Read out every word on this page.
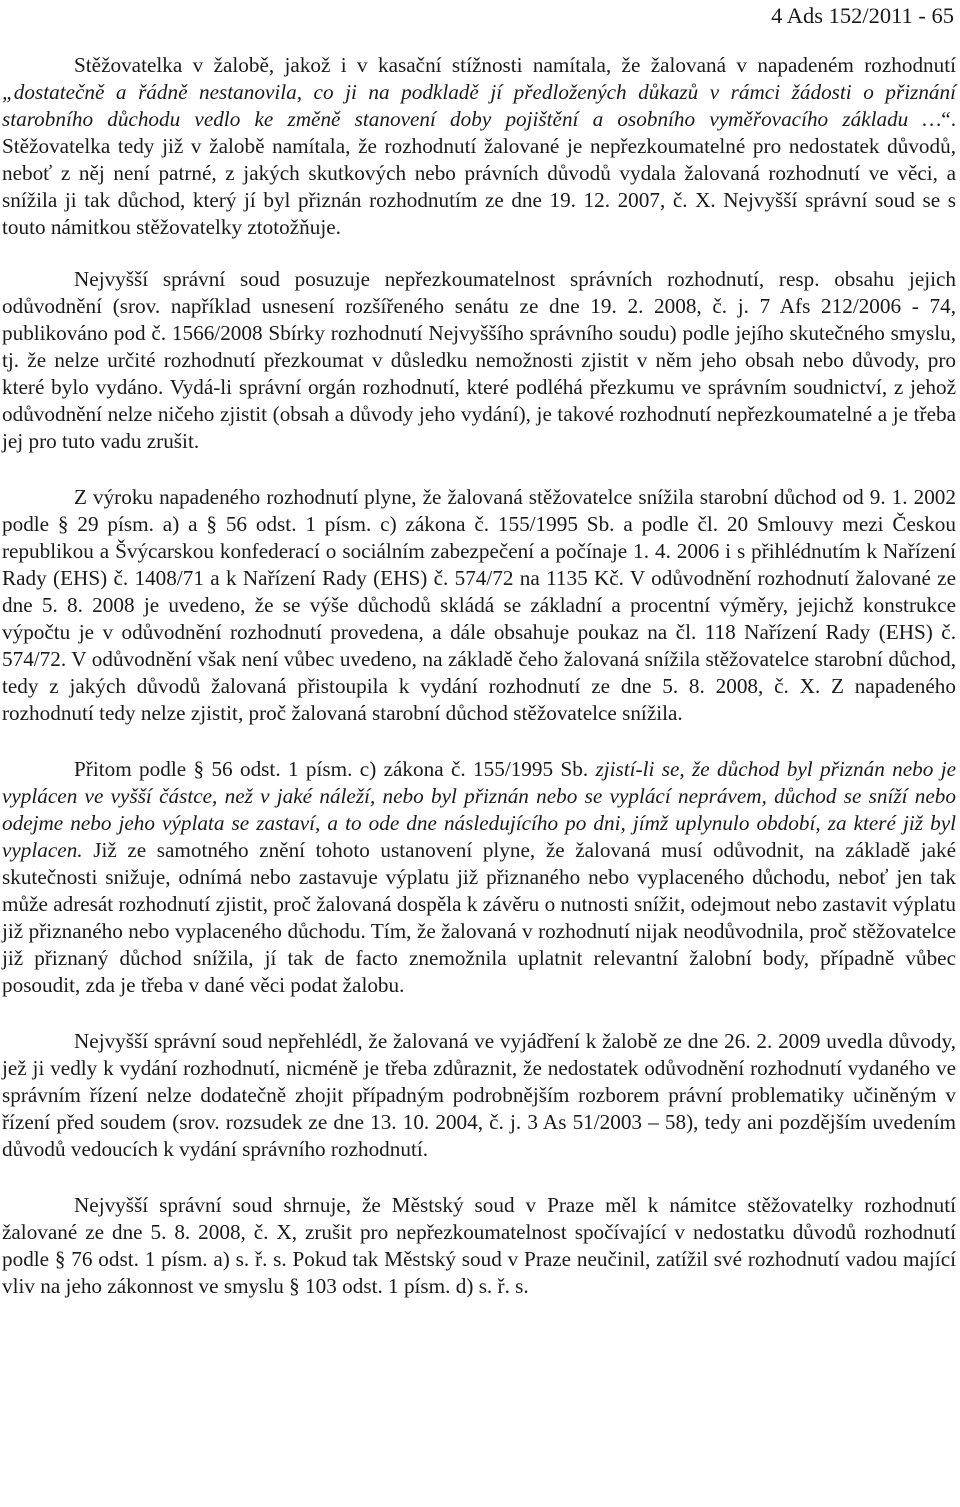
4 Ads 152/2011 - 65

Stěžovatelka v žalobě, jakož i v kasační stížnosti namítala, že žalovaná v napadeném rozhodnutí „dostatečně a řádně nestanovila, co ji na podkladě jí předložených důkazů v rámci žádosti o přiznání starobního důchodu vedlo ke změně stanovení doby pojištění a osobního vyměřovacího základu …“. Stěžovatelka tedy již v žalobě namítala, že rozhodnutí žalované je nepřezkoumatelné pro nedostatek důvodů, neboť z něj není patrné, z jakých skutkových nebo právních důvodů vydala žalovaná rozhodnutí ve věci, a snížila ji tak důchod, který jí byl přiznán rozhodnutím ze dne 19. 12. 2007, č. X. Nejvyšší správní soud se s touto námitkou stěžovatelky ztotožňuje.

Nejvyšší správní soud posuzuje nepřezkoumatelnost správních rozhodnutí, resp. obsahu jejich odůvodnění (srov. například usnesení rozšířeného senátu ze dne 19. 2. 2008, č. j. 7 Afs 212/2006 - 74, publikováno pod č. 1566/2008 Sbírky rozhodnutí Nejvyššího správního soudu) podle jejího skutečného smyslu, tj. že nelze určité rozhodnutí přezkoumat v důsledku nemožnosti zjistit v něm jeho obsah nebo důvody, pro které bylo vydáno. Vydá-li správní orgán rozhodnutí, které podléhá přezkumu ve správním soudnictví, z jehož odůvodnění nelze ničeho zjistit (obsah a důvody jeho vydání), je takové rozhodnutí nepřezkoumatelné a je třeba jej pro tuto vadu zrušit.

Z výroku napadeného rozhodnutí plyne, že žalovaná stěžovatelce snížila starobní důchod od 9. 1. 2002 podle § 29 písm. a) a § 56 odst. 1 písm. c) zákona č. 155/1995 Sb. a podle čl. 20 Smlouvy mezi Českou republikou a Švýcarskou konfederací o sociálním zabezpečení a počínaje 1. 4. 2006 i s přihlédnutím k Nařízení Rady (EHS) č. 1408/71 a k Nařízení Rady (EHS) č. 574/72 na 1135 Kč. V odůvodnění rozhodnutí žalované ze dne 5. 8. 2008 je uvedeno, že se výše důchodů skládá se základní a procentní výměry, jejichž konstrukce výpočtu je v odůvodnění rozhodnutí provedena, a dále obsahuje poukaz na čl. 118 Nařízení Rady (EHS) č. 574/72. V odůvodnění však není vůbec uvedeno, na základě čeho žalovaná snížila stěžovatelce starobní důchod, tedy z jakých důvodů žalovaná přistoupila k vydání rozhodnutí ze dne 5. 8. 2008, č. X. Z napadeného rozhodnutí tedy nelze zjistit, proč žalovaná starobní důchod stěžovatelce snížila.

Přitom podle § 56 odst. 1 písm. c) zákona č. 155/1995 Sb. zjistí-li se, že důchod byl přiznán nebo je vyplácen ve vyšší částce, než v jaké náleží, nebo byl přiznán nebo se vyplácí neprávem, důchod se sníží nebo odejme nebo jeho výplata se zastaví, a to ode dne následujícího po dni, jímž uplynulo období, za které již byl vyplacen. Již ze samotného znění tohoto ustanovení plyne, že žalovaná musí odůvodnit, na základě jaké skutečnosti snižuje, odnímá nebo zastavuje výplatu již přiznaného nebo vyplaceného důchodu, neboť jen tak může adresát rozhodnutí zjistit, proč žalovaná dospěla k závěru o nutnosti snížit, odejmout nebo zastavit výplatu již přiznaného nebo vyplaceného důchodu. Tím, že žalovaná v rozhodnutí nijak neodůvodnila, proč stěžovatelce již přiznaný důchod snížila, jí tak de facto znemožnila uplatnit relevantní žalobní body, případně vůbec posoudit, zda je třeba v dané věci podat žalobu.

Nejvyšší správní soud nepřehlédl, že žalovaná ve vyjádření k žalobě ze dne 26. 2. 2009 uvedla důvody, jež ji vedly k vydání rozhodnutí, nicméně je třeba zdůraznit, že nedostatek odůvodnění rozhodnutí vydaného ve správním řízení nelze dodatečně zhojit případným podrobnějším rozborem právní problematiky učiněným v řízení před soudem (srov. rozsudek ze dne 13. 10. 2004, č. j. 3 As 51/2003 – 58), tedy ani pozdějším uvedením důvodů vedoucích k vydání správního rozhodnutí.

Nejvyšší správní soud shrnuje, že Městský soud v Praze měl k námitce stěžovatelky rozhodnutí žalované ze dne 5. 8. 2008, č. X, zrušit pro nepřezkoumatelnost spočívající v nedostatku důvodů rozhodnutí podle § 76 odst. 1 písm. a) s. ř. s. Pokud tak Městský soud v Praze neučinil, zatížil své rozhodnutí vadou mající vliv na jeho zákonnost ve smyslu § 103 odst. 1 písm. d) s. ř. s.
